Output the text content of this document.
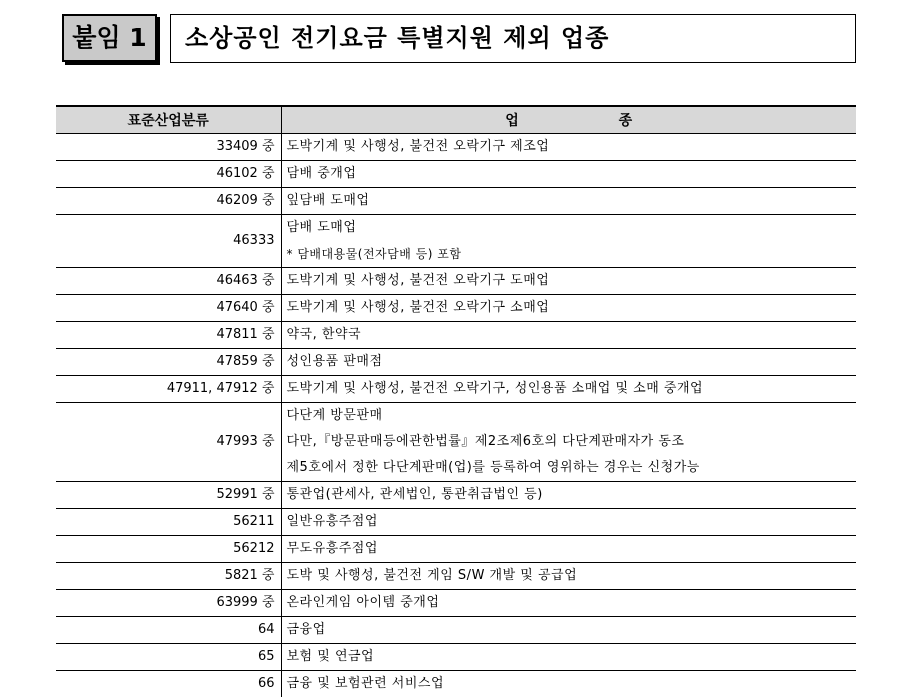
붙임 1	소상공인 전기요금 특별지원 제외 업종
표준산업분류	업 종
33409 중	도박기계 및 사행성, 불건전 오락기구 제조업

46102 중	담배 중개업

46209 중	잎담배 도매업

46333	담배 도매업
* 담배대용물(전자담배 등) 포함

46463 중	도박기계 및 사행성, 불건전 오락기구 도매업

47640 중	도박기계 및 사행성, 불건전 오락기구 소매업

47811 중	약국, 한약국

47859 중	성인용품 판매점

47911, 47912 중	도박기계 및 사행성, 불건전 오락기구, 성인용품 소매업 및 소매 중개업

47993 중	다단계 방문판매
다만,『방문판매등에관한법률』제2조제6호의 다단계판매자가 동조
제5호에서 정한 다단계판매(업)를 등록하여 영위하는 경우는 신청가능

52991 중	통관업(관세사, 관세법인, 통관취급법인 등)

56211	일반유흥주점업

56212	무도유흥주점업

5821 중	도박 및 사행성, 불건전 게임 S/W 개발 및 공급업

63999 중	온라인게임 아이템 중개업

64	금융업

65	보험 및 연금업

66	금융 및 보험관련 서비스업
